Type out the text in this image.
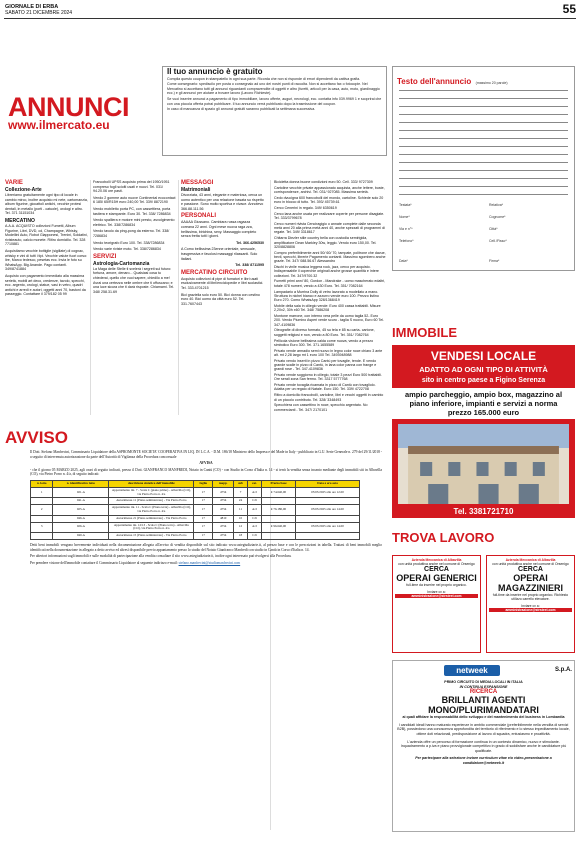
GIORNALE DI ERBA
SABATO 21 DICEMBRE 2024	55
ANNUNCI
www.ilmercato.eu
Il tuo annuncio è gratuito

Compila questo coupon in stampatello in ogni sua parte. Ricorda che non si risponde di errori dipendenti da cattiva grafia.

Come consegnarlo: spediscilo per posta o consegnalo ad uno dei nostri punti di raccolta. Non si accettano fax o fotocopie. Nel Mercatino si accettano tutti gli annunci riguardanti compravendite di oggetti e altro (furetti, articoli per la casa, auto, moto, giardinaggio ecc.) e gli annunci per aiutare a trovare lavoro (Lavoro Richieste).

Se vuoi inserire annunci a pagamento di tipo immobiliare, lavoro offerte, auguri, necrologi, ecc. contatta info 039.9969 1 e scoprirai che con una piccola offerta potrai pubblicare. Il tuo annuncio verrà pubblicato dopo la trasmissione del coupon.

In caso di mancanza di spazio gli annunci gratuiti saranno pubblicati la settimana successiva.

Testo dell'annuncio (massimo 20 parole)
Testata*
Nome*
Via e n°*
Telefono*
Data*
Relativa*
Cognome*
Città*
Cell./Fisso*
Firma*
VARIE
Collezione-Arte

Libreriamo gratuitamente ogni tipo di locale in cambio mirco, inoltre acquisto mi nete, cartomanzia, album figurine, giocattoli antichi, vecchie protesi dentali, in metallo (porti - catuole), orologi e altro. Tel. 371 31151034

MERCATINO

A.A.A. ACQUISTO collezioni Fumetti, Album Figurine, Libri, DVD, cd, Champagne, Whisky, Modellini Auto, Robot Giapponesi, Trenini, Soldatini, rivisteauto, calcio monete. Ritiro domicilio. Tel. 328 7710881

Acquistiamo vecchie bottiglie (sigillate) di cognac, whisky e vini di tutti i tipi. Vecchie valute fuori corso: lire, Marco tedesco, pesetas ecc. Invia le foto su WhatsApp. Big Anande. Pago contanti. 349/8741884

Acquisto con pagamento immediato alla massima serietà, mobili art deco, credenze, tavolo, specchi, ecc. argento, orologi, statue, vasi in vetro, quadri antichi e arredi e autori, oggetti anni 70, bastoni da passeggio. Contattare il 379/182 05 99

Francobolli UPSS acquisto prima del 1950/1951 compreso fogli sciolti usati e nuovi. Tel. 031/ 94.20.06 ore pasti.

Vendo 2 gomme auto nuove Continental ecocontact 6 185/ 65/R15H euro 240,00 Tel. 339/ 8872190

Vendo mobiletto porta PC, con cassettiera, porta tastiera e stampante. Euro 30. Tel. 338/ 7286834

Vendo spalliera e motore mini presto, avvolgimento elettrico. Tel. 338/7286834

Vendo tavolo da ping-pong da esterno. Tel. 338/ 7286834

Vendo teorigrafo Euro 100. Tel. 338/7286834

Vendo varie riviste moto. Tel. 338/7286834

SERVIZI
Astrologia-Cartomanzia

La Maga delle Stelle ti svelerà i segreti sul futuro: fortuna, amore, denaro... Qualsiasi cosa tu chiederai, quello che vuoi sapere, chiedilo a me! Avrai una certezza nelle ombre che ti offuscano; e una luce sicura che ti darà risposte. Chiamami. Tel. 348/ 258.31.69

MESSAGGI
Matrimoniali

Divorziata, 43 anni, elegante e materiosa, cerca un uomo autentico per una relazione basata su rispetto e passione. Sono molto sportiva e vivace. Annotevo 366.88.111.56

PERSONALI

AAAAA Giussano. Cambiara russa ragazza coreana 22 anni. Ogni mese nuova raga zza, bellissima, birichina, sexy. Massaggio completo senza fretta tutti i giorni.

Tel. 366.4256530

A Como bellissima 23enne orientale, sensuale, trasgressiva e favolosi massaggi rilassanti. Solo italiani.

Tel. 338/ 8711595

MERCATINO CIRCUITO

Acquisto collezioni di pipe di fumatori e libri usati esclusivamente di libri/enciclopedie e libri scolastici. Tel. 333.4701215

Bici graziella solo euro 50. Bici donna con cestino euro 40. Bici uomo da città euro 52. Tel. 331.7607443

Bicicletta donna buone condizioni euro 50. Cell. 333/ 9727309

Cartoline vecchie private appassionato acquista, anche lettere, buste, corrispondenze, archivi. Tel. 031/ 927085. Massima serietà.

Cedo dvucigna 600 francobolli del mondo, cartoline. Schiede solo 20 euro in blocco di tutto. Tel. 393/ 45739.61

Cerco Cenerini in regalo. 349/ 6350619

Cerco lana anche usata per realizzare coperte per persone disagiate. Tel. 333/3799678

Cerco numeri rivista Cenciragigio o annate complete dalle seconda metà anni 20 alla prima metà anni 40, anche spezzati di programmi di regate. Tel. 349/ 3318617

Chitarra Diezler stile country bella con custodia semirigida, amplificatore Dean Markley 30w, leggio. Vendo euro 150,00. Tel. 320/8828806

Compro preferibilmente anni 50/ 60/ 70, tampate, politrone che davue, bevil, specchi, librerie Pagamento contanti. Massimo sgombero anche grazie. Tel. 347/ 088.56.67 Alessandro

Dischi in vinile musica leggera rock, jazz, cerco per acquisto. Indispensabile il coperchie originali anche grosse quantità e intere collezioni. Tel. 347/9700.32

Fumetti primi anni '80, Gordon - Mandrake - uomo mascherato edaltri, totale 478 numeri, vendo a 430 Euro. Tel. 351/ 7082164

Lampadario a Murrina Dolly di vetro lavorato a modellato a mano. Struttura in nichel bianco e azzurro vende euro 100. Prezzo listino Euro 270. Como WhatsApp 328/1368419

Mobile della sala in ciliegio vende: Euro 400 cassa trattabili. Misure 2,20x2, 30h x60 Tel. 348/ 7586208

Montone marrone, con interno vera pelle da uomo taglia 52- Euro 200. Vendo Piumino Asperi verde scuro - taglia S nuovo, Euro 60 Tel. 347-4109836

Oleografie di diverso formato, 45 su tela e 85 su carta- cartone, soggetti religiosi e non, vendo a 80 Euro. Tel. 351/ 7082764

Pellicola visione bellissima calda come nuova, vendo a prezzo simbolico Euro 300. Tel. 371.1655589

Privato vende armadio semi nuovo in legno color noce chiaro 3 ante alt. mt 2,28 largo mt 1 euro 100 Tel. 3493948988

Privato vendo inserti in pizzo Cantù per tovaglie, tende. E vendo grande scalle in pizzo di Cantù, in lana color panna con frange e grandi rose - Tel. 347-4109836

Privato vende soggiorno in ciliegio, totale 3 pezzi Euro 500 trattabili. Ore serali zona San fermo. Tel. 3317 5777768

Privato vende tovaglia ricamata in pizzo di Cantù con tovagliolo. Adatta per un regalo di Natale. Euro 150. Tel. 339/ 4722708

Ritiro a domicilio francobolli, cartoline, libri e vecchi oggetti in cambio di un piccolo contributo. Tel. 328/ 3348493

Specchiera con cassettino in noce, specchio argentato. No commercianti - Tel. 347/ 2170101

AVVISO

Il Dott. Stefano Manfrecini, Commissario Liquidatore della ASPROMONTE SOCIETA' COOPERATIVA IN LIQ. IN L.C.A. - D.M. 186/18 Ministero dello Impresa e del Made in Italy - pubblicato in G.U. Serie Generale n. 279 del 29/11/2018 - a seguito di intervenuta autorizzazione da parte dell'Autorità di Vigilanza della Procedura concorsuale

AVVISA

- che il giorno 05 MARZO 2025, agli orari di seguito indicati, presso il Dott. GIANFRANCO MANFREDI, Notaio in Cantù (CO) - con Studio in Corso d'Italia n. 14 - si terrà la vendita senza incanto mediante degli immobili siti in Albavilla (CO), via Pietro Porro n. 4/a, di seguito indicati:

n. lotto	n. identificativo lotto	descrizione sintetica dell'immobile	foglio	mapp.	sub	cat.	Prezzo base	Data e ora asta
1	021-A	Appartamento int. 7 - Scala C (piano primo) - Albavilla (CO), via Pietro Porro n. 4/a	17	4754	7	A/2	€ 74.640,00	05/03/2025 alle ore 12.00
	041-A	Autorimessa 11 (Piano seminterrato) - Via Pietro Porro	17	4754	24	C/6		
2	025-A	Appartamento int. 11 - Scala C (Piano terra) - Albavilla (CO), via Pietro Porro n. 4/a	17	4754	11	A/2	€ 76.180,00	05/03/2025 alle ore 14.00
	046-A	Autorimessa 21 (Piano seminterrato) - Via Pietro Porro	17	4810	10	C/6		
3	026-A	Appartamento int. 12/13 - Scala C (Piano terra) - Albavilla (CO), via Pietro Porro n. 4/a	17	4754	12	A/2	€ 96.640,00	05/03/2025 alle ore 14.00
	040-A	Autorimessa 15 (Piano seminterrato) - Via Pietro Porro	17	4754	18	C/6		

Detti beni immobili vengono brevemente individuati nella documentazione allegata all'avviso di vendita disponibile sul sito indicato www.astegiudiziarie.it, al prezzo base e con le prescrizioni in tabella. Trattasi di beni immobili meglio identificati nella documentazione in allegato a detto avviso ed altresì disponibile previo appuntamento presso lo studio del Notaio Gianfranco Manfredi con studio in Cantù in Corso d'Italia n. 14.

Per ulteriori informazioni sugli immobili e sulle modalità di partecipazione alla vendita consultare il sito www.astegiudiziarie.it, inoltre ogni interessato può rivolgersi alla Procedura.

Per prendere visione dell'immobile contattare il Commissario Liquidatore al seguente indirizzo e-mail: stefano.manfrecini@studiomanfrecini.com

IMMOBILE
VENDESI LOCALE
ADATTO AD OGNI TIPO DI ATTIVITÀ
sito in centro paese a Figino Serenza
ampio parcheggio, ampio box, magazzino al piano inferiore, impianti e servizi a norma
prezzo 165.000 euro
Tel. 3381721710
TROVA LAVORO
Azienda Meccanica di Albavilla
con unità produttiva anche nel comune di Orsenigo
CERCA
OPERAI GENERICI
full-time da inserire nel proprio organico.
Inviare cv a:
amministrazione@strsteel.com
Azienda Meccanica di Albavilla
con unità produttiva anche nel comune di Orsenigo
CERCA
OPERAI MAGAZZINIERI
full-time da inserire nel proprio organico. Richiesto utilizzo carrello elevatore.
Inviare cv a:
amministrazione@strsteel.com
netweek	S.p.A.
PRIMO CIRCUITO DI MEDIA LOCALI IN ITALIA
IN CONTINUA ESPANSIONE
RICERCA
BRILLANTI AGENTI MONO/PLURIMANDATARI
ai quali affidare la responsabilità dello sviluppo e del mantenimento del business in Lombardia
I candidati ideali hanno maturato esperienze in ambito commerciale (preferibilmente nella vendita di servizi B2B), possiedono una conoscenza approfondita del territorio di riferimento e lo stesso impeditamento locale, ottime doti relazionali, predisposizione al lavoro di squadra, entusiasmo e proattività.
L'azienda offre un percorso di formazione continua in un contesto dinamico, nuovo e stimolante. Inquadramento a p.iva e piano provvigionale competitivo in grado di soddisfare anche le candidature più qualificate.
Per partecipare alla selezione inviare curriculum vitae e/o video-presentazione a candidature@netweek.it
